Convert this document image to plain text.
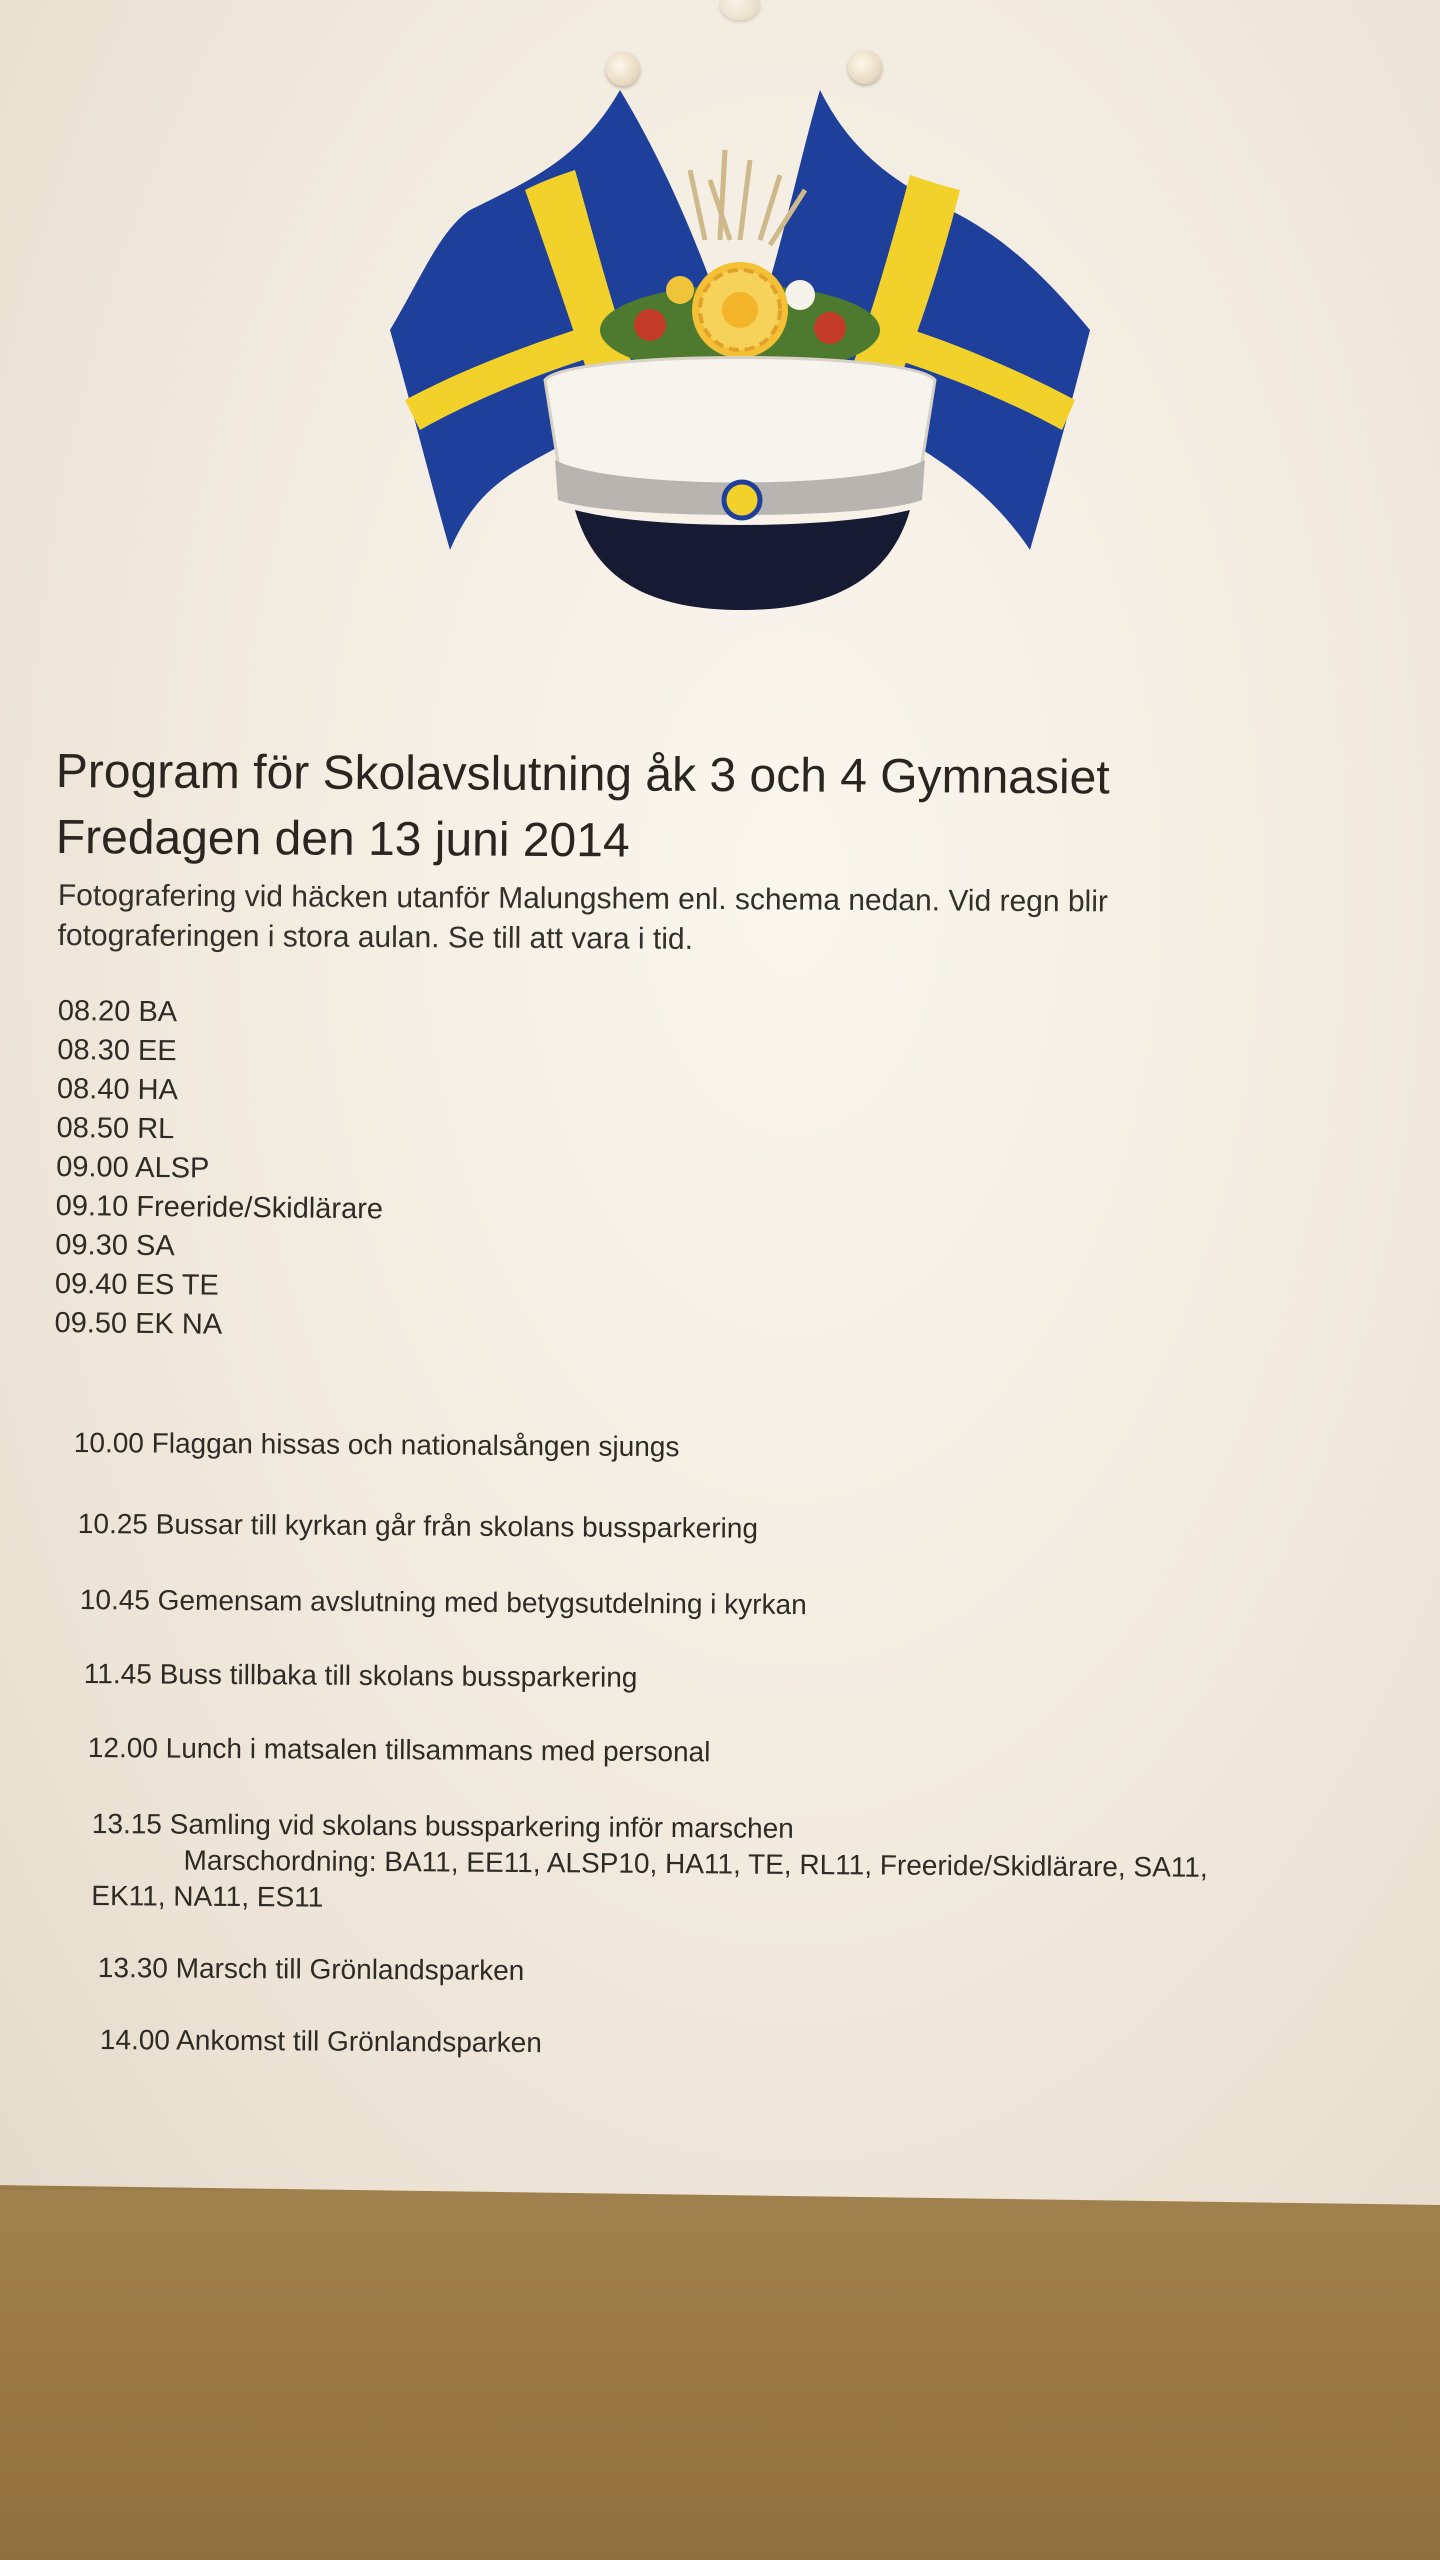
Program för Skolavslutning åk 3 och 4 Gymnasiet
Fredagen den 13 juni 2014
Fotografering vid häcken utanför Malungshem enl. schema nedan. Vid regn blir
fotograferingen i stora aulan. Se till att vara i tid.
08.20 BA
08.30 EE
08.40 HA
08.50 RL
09.00 ALSP
09.10 Freeride/Skidlärare
09.30 SA
09.40 ES TE
09.50 EK NA
10.00 Flaggan hissas och nationalsången sjungs
10.25 Bussar till kyrkan går från skolans bussparkering
10.45 Gemensam avslutning med betygsutdelning i kyrkan
11.45 Buss tillbaka till skolans bussparkering
12.00 Lunch i matsalen tillsammans med personal
13.15 Samling vid skolans bussparkering inför marschen
Marschordning: BA11, EE11, ALSP10, HA11, TE, RL11, Freeride/Skidlärare, SA11,
EK11, NA11, ES11
13.30 Marsch till Grönlandsparken
14.00 Ankomst till Grönlandsparken
